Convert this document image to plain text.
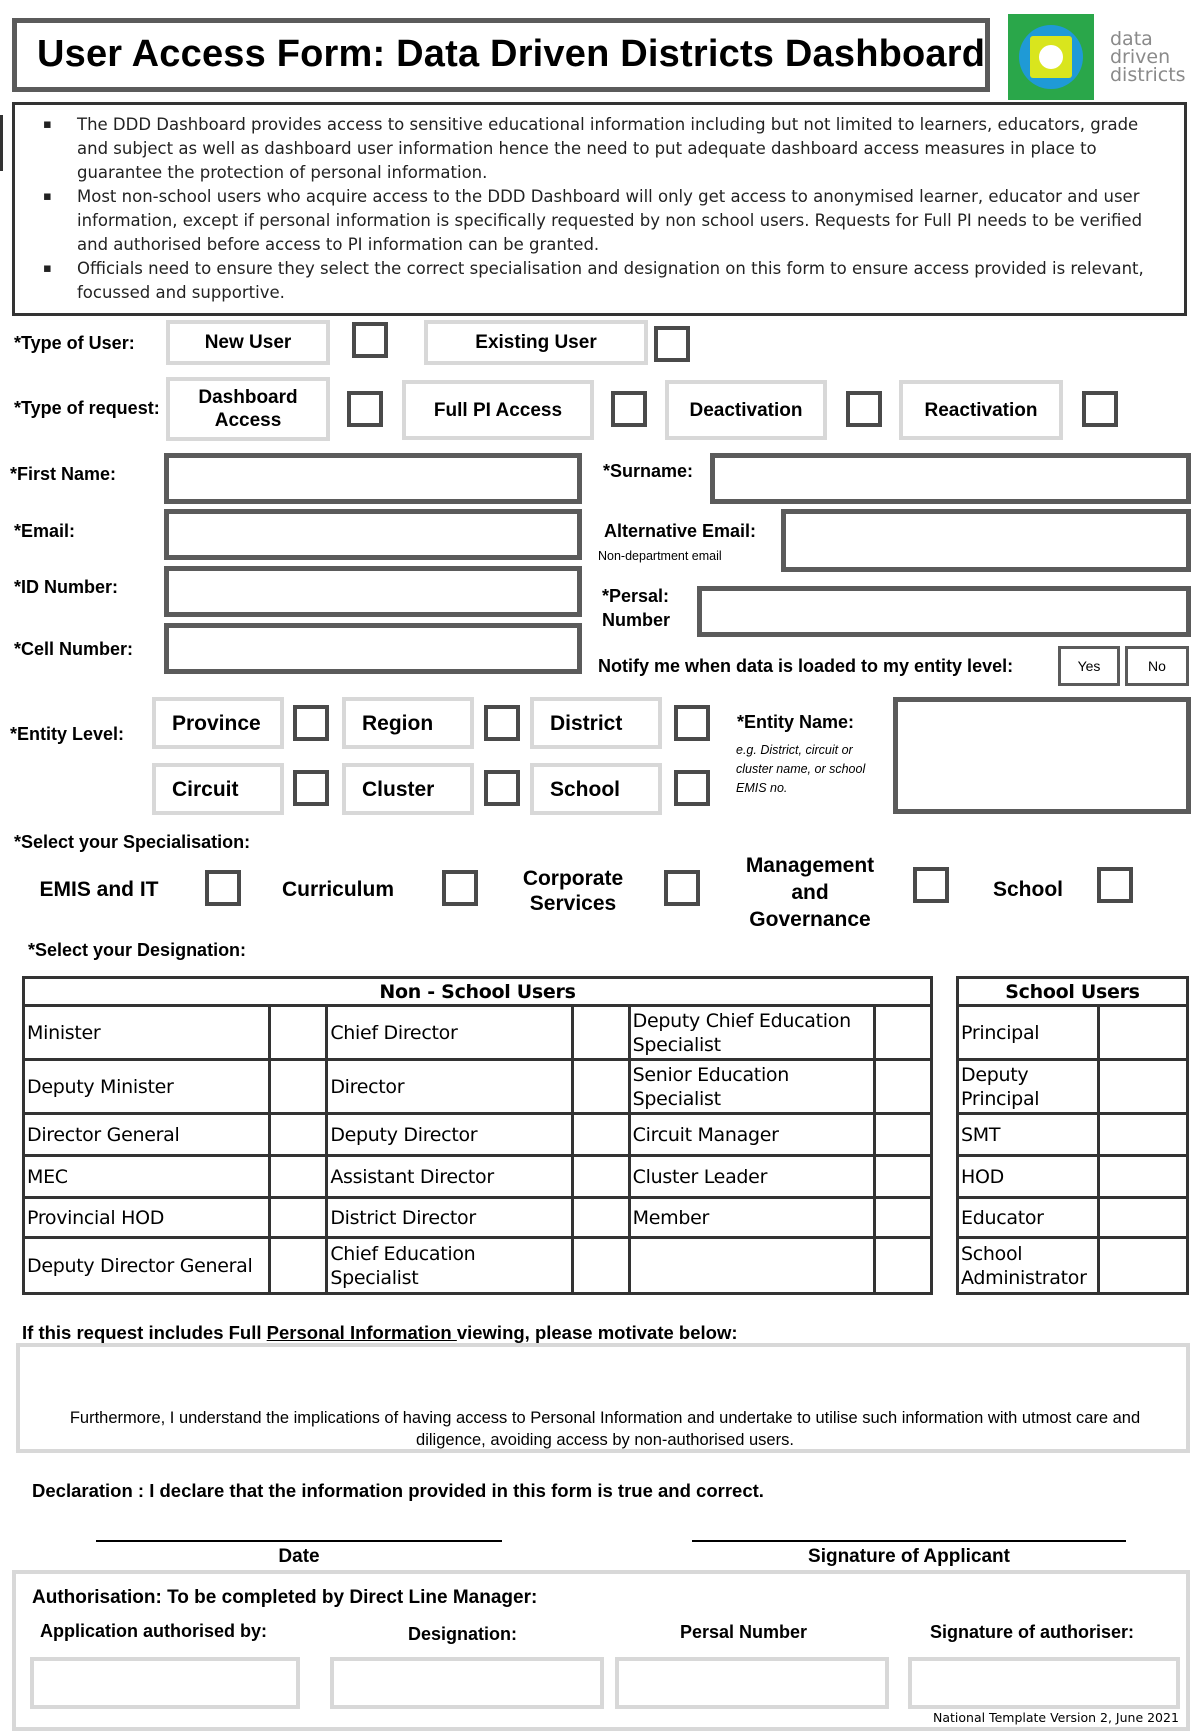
User Access Form: Data Driven Districts Dashboard	data
driven
districts
▪ The DDD Dashboard provides access to sensitive educational information including but not limited to learners, educators, grade and subject as well as dashboard user information hence the need to put adequate dashboard access measures in place to guarantee the protection of personal information.
▪ Most non-school users who acquire access to the DDD Dashboard will only get access to anonymised learner, educator and user information, except if personal information is specifically requested by non school users. Requests for Full PI needs to be verified and authorised before access to PI information can be granted.
▪ Officials need to ensure they select the correct specialisation and designation on this form to ensure access provided is relevant, focussed and supportive.
*Type of User:	New User	Existing User
*Type of request:	Dashboard Access	Full PI Access	Deactivation	Reactivation
*First Name:	*Surname:
*Email:	Alternative Email:
Non-department email
*ID Number:	*Persal: Number
*Cell Number:
Notify me when data is loaded to my entity level:	Yes	No
*Entity Level:	Province	Region	District
Circuit	Cluster	School
*Entity Name:
e.g. District, circuit or cluster name, or school EMIS no.
*Select your Specialisation:
EMIS and IT	Curriculum	Corporate Services
Management and Governance
School
*Select your Designation:
Non - School Users					
Minister		Chief Director		Deputy Chief Education Specialist	
Deputy Minister		Director		Senior Education Specialist	
Director General		Deputy Director		Circuit Manager	
MEC		Assistant Director		Cluster Leader	
Provincial HOD		District Director		Member	
Deputy Director General		Chief Education Specialist			
School Users	
Principal	
Deputy Principal	
SMT	
HOD	
Educator	
School Administrator	
If this request includes Full Personal Information viewing, please motivate below:
Furthermore, I understand the implications of having access to Personal Information and undertake to utilise such information with utmost care and diligence, avoiding access by non-authorised users.
Declaration : I declare that the information provided in this form is true and correct.
Date	Signature of Applicant
Authorisation: To be completed by Direct Line Manager:
Application authorised by:	Designation:	Persal Number	Signature of authoriser:
National Template Version 2, June 2021
